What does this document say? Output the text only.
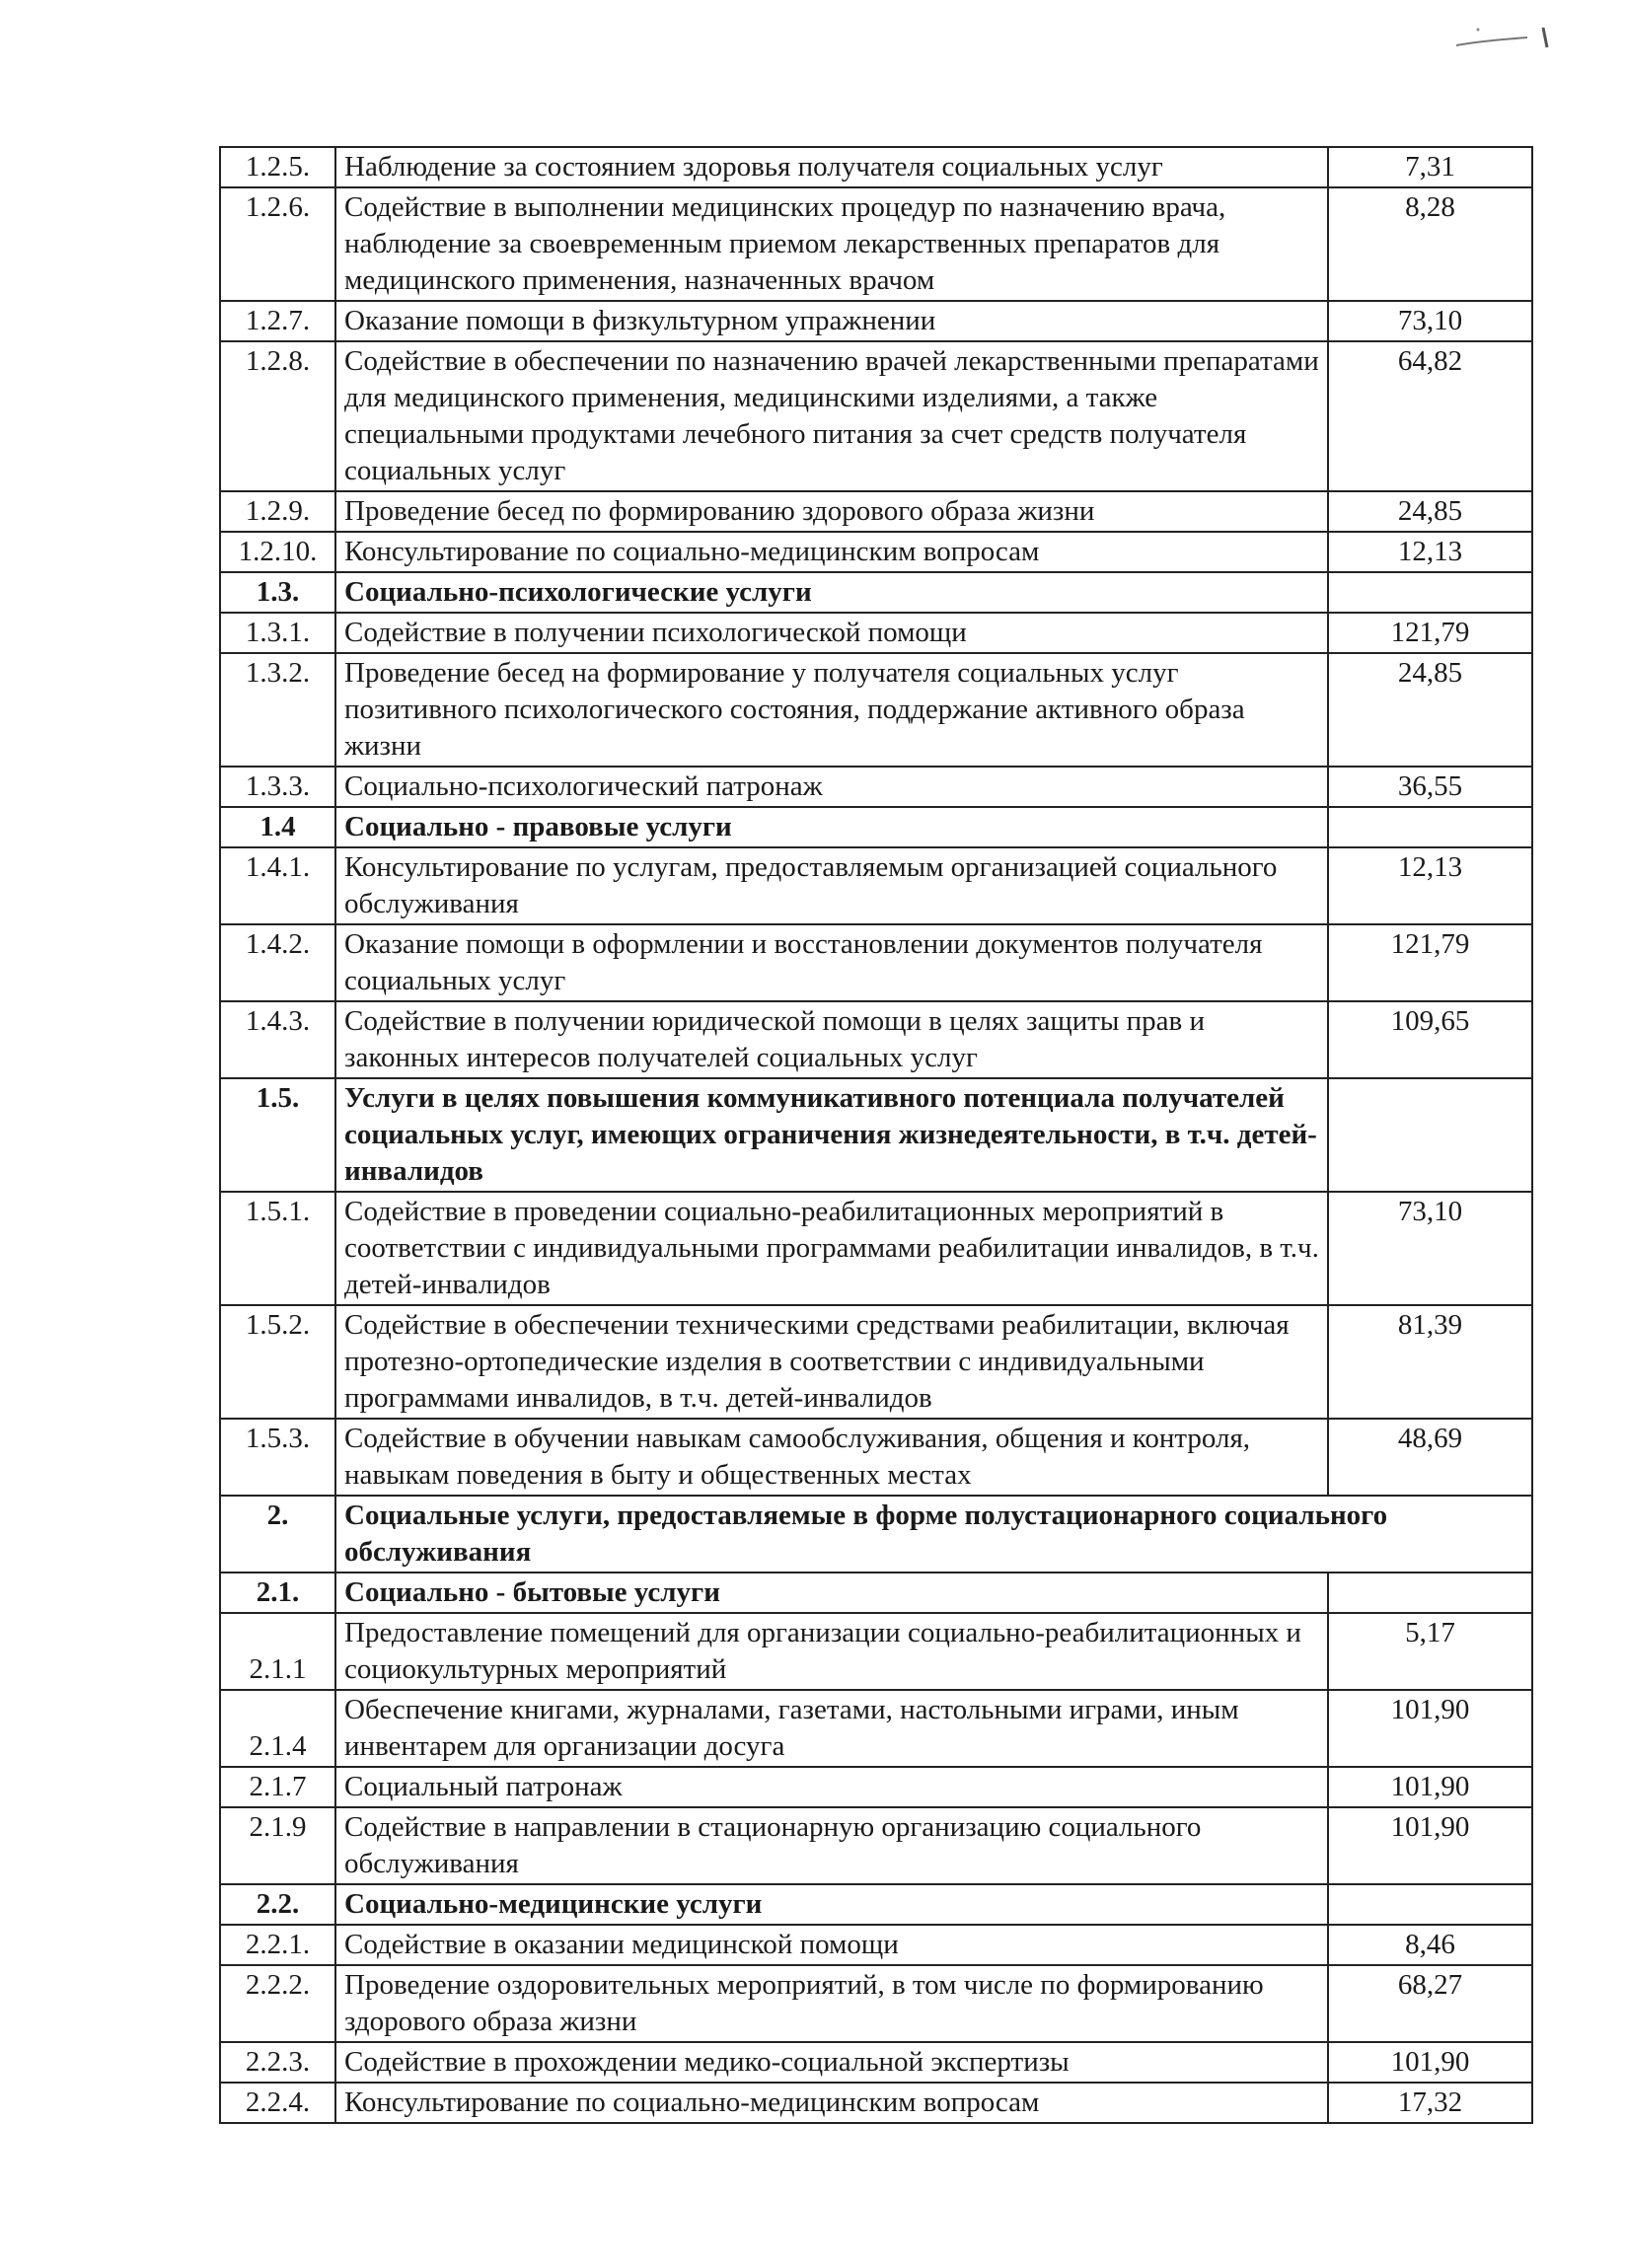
1.2.5.	Наблюдение за состоянием здоровья получателя социальных услуг	7,31
1.2.6.	Содействие в выполнении медицинских процедур по назначению врача, наблюдение за своевременным приемом лекарственных препаратов для медицинского применения, назначенных врачом	8,28
1.2.7.	Оказание помощи в физкультурном упражнении	73,10
1.2.8.	Содействие в обеспечении по назначению врачей лекарственными препаратами для медицинского применения, медицинскими изделиями, а также специальными продуктами лечебного питания за счет средств получателя социальных услуг	64,82
1.2.9.	Проведение бесед по формированию здорового образа жизни	24,85
1.2.10.	Консультирование по социально-медицинским вопросам	12,13
1.3.	Социально-психологические услуги	
1.3.1.	Содействие в получении психологической помощи	121,79
1.3.2.	Проведение бесед на формирование у получателя социальных услуг позитивного психологического состояния, поддержание активного образа жизни	24,85
1.3.3.	Социально-психологический патронаж	36,55
1.4	Социально - правовые услуги	
1.4.1.	Консультирование по услугам, предоставляемым организацией социального обслуживания	12,13
1.4.2.	Оказание помощи в оформлении и восстановлении документов получателя социальных услуг	121,79
1.4.3.	Содействие в получении юридической помощи в целях защиты прав и законных интересов получателей социальных услуг	109,65
1.5.	Услуги в целях повышения коммуникативного потенциала получателей социальных услуг, имеющих ограничения жизнедеятельности, в т.ч. детей-инвалидов	
1.5.1.	Содействие в проведении социально-реабилитационных мероприятий в соответствии с индивидуальными программами реабилитации инвалидов, в т.ч. детей-инвалидов	73,10
1.5.2.	Содействие в обеспечении техническими средствами реабилитации, включая протезно-ортопедические изделия в соответствии с индивидуальными программами инвалидов, в т.ч. детей-инвалидов	81,39
1.5.3.	Содействие в обучении навыкам самообслуживания, общения и контроля, навыкам поведения в быту и общественных местах	48,69
2.	Социальные услуги, предоставляемые в форме полустационарного социального обслуживания	
2.1.	Социально - бытовые услуги	
2.1.1	Предоставление помещений для организации социально-реабилитационных и социокультурных мероприятий	5,17
2.1.4	Обеспечение книгами, журналами, газетами, настольными играми, иным инвентарем для организации досуга	101,90
2.1.7	Социальный патронаж	101,90
2.1.9	Содействие в направлении в стационарную организацию социального обслуживания	101,90
2.2.	Социально-медицинские услуги	
2.2.1.	Содействие в оказании медицинской помощи	8,46
2.2.2.	Проведение оздоровительных мероприятий, в том числе по формированию здорового образа жизни	68,27
2.2.3.	Содействие в прохождении медико-социальной экспертизы	101,90
2.2.4.	Консультирование по социально-медицинским вопросам	17,32
